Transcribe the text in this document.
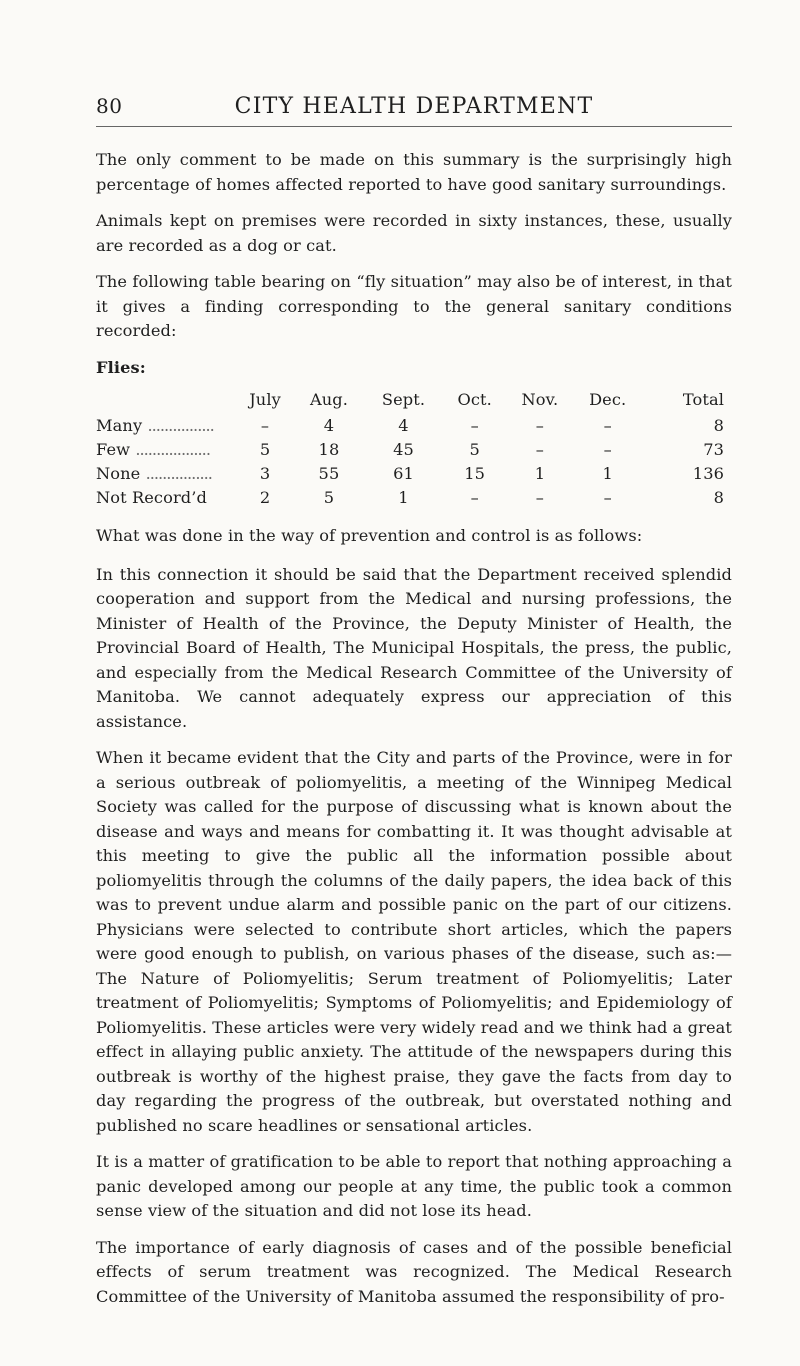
80	CITY HEALTH DEPARTMENT

The only comment to be made on this summary is the surprisingly high percentage of homes affected reported to have good sanitary surroundings.

Animals kept on premises were recorded in sixty instances, these, usually are recorded as a dog or cat.

The following table bearing on “fly situation” may also be of interest, in that it gives a finding corresponding to the general sanitary conditions recorded:

Flies:
	July	Aug.	Sept.	Oct.	Nov.	Dec.	Total
Many ................	–	4	4	–	–	–	8
Few ..................	5	18	45	5	–	–	73
None ................	3	55	61	15	1	1	136
Not Record’d	2	5	1	–	–	–	8

What was done in the way of prevention and control is as follows:

In this connection it should be said that the Department received splendid cooperation and support from the Medical and nursing professions, the Minister of Health of the Province, the Deputy Minister of Health, the Provincial Board of Health, The Municipal Hospitals, the press, the public, and especially from the Medical Research Committee of the University of Manitoba. We cannot adequately express our appreciation of this assistance.

When it became evident that the City and parts of the Province, were in for a serious outbreak of poliomyelitis, a meeting of the Winnipeg Medical Society was called for the purpose of discussing what is known about the disease and ways and means for combatting it. It was thought advisable at this meeting to give the public all the information possible about poliomyelitis through the columns of the daily papers, the idea back of this was to prevent undue alarm and possible panic on the part of our citizens. Physicians were selected to contribute short articles, which the papers were good enough to publish, on various phases of the disease, such as:—The Nature of Poliomyelitis; Serum treatment of Poliomyelitis; Later treatment of Poliomyelitis; Symptoms of Poliomyelitis; and Epidemiology of Poliomyelitis. These articles were very widely read and we think had a great effect in allaying public anxiety. The attitude of the newspapers during this outbreak is worthy of the highest praise, they gave the facts from day to day regarding the progress of the outbreak, but overstated nothing and published no scare headlines or sensational articles.

It is a matter of gratification to be able to report that nothing approaching a panic developed among our people at any time, the public took a common sense view of the situation and did not lose its head.

The importance of early diagnosis of cases and of the possible beneficial effects of serum treatment was recognized. The Medical Research Committee of the University of Manitoba assumed the responsibility of pro-
